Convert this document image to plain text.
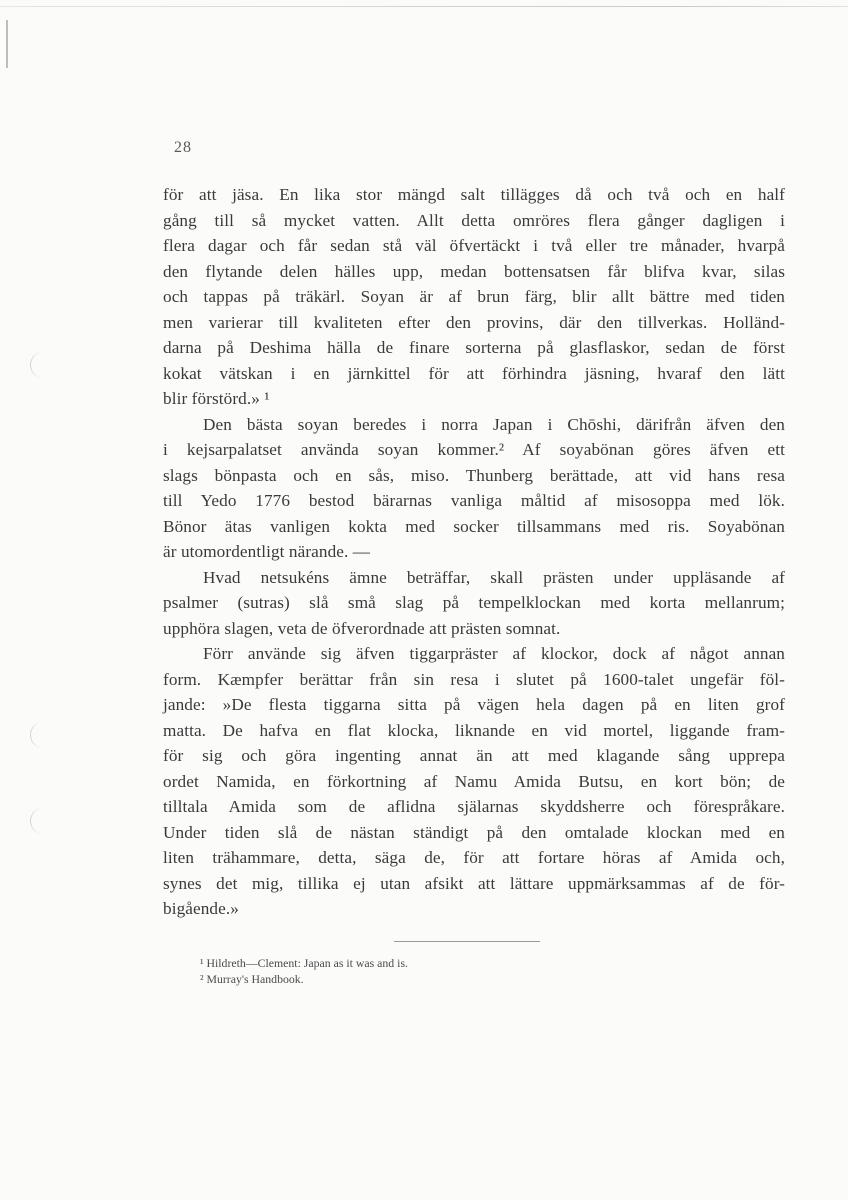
28
för att jäsa. En lika stor mängd salt tillägges då och två och en half
gång till så mycket vatten. Allt detta omröres flera gånger dagligen i
flera dagar och får sedan stå väl öfvertäckt i två eller tre månader, hvarpå
den flytande delen hälles upp, medan bottensatsen får blifva kvar, silas
och tappas på träkärl. Soyan är af brun färg, blir allt bättre med tiden
men varierar till kvaliteten efter den provins, där den tillverkas. Holländ-
darna på Deshima hälla de finare sorterna på glasflaskor, sedan de först
kokat vätskan i en järnkittel för att förhindra jäsning, hvaraf den lätt
blir förstörd.» ¹
Den bästa soyan beredes i norra Japan i Chōshi, därifrån äfven den
i kejsarpalatset använda soyan kommer.² Af soyabönan göres äfven ett
slags bönpasta och en sås, miso. Thunberg berättade, att vid hans resa
till Yedo 1776 bestod bärarnas vanliga måltid af misosoppa med lök.
Bönor ätas vanligen kokta med socker tillsammans med ris. Soyabönan
är utomordentligt närande. —
Hvad netsukéns ämne beträffar, skall prästen under uppläsande af
psalmer (sutras) slå små slag på tempelklockan med korta mellanrum;
upphöra slagen, veta de öfverordnade att prästen somnat.
Förr använde sig äfven tiggarpräster af klockor, dock af något annan
form. Kæmpfer berättar från sin resa i slutet på 1600-talet ungefär föl-
jande: »De flesta tiggarna sitta på vägen hela dagen på en liten grof
matta. De hafva en flat klocka, liknande en vid mortel, liggande fram-
för sig och göra ingenting annat än att med klagande sång upprepa
ordet Namida, en förkortning af Namu Amida Butsu, en kort bön; de
tilltala Amida som de aflidna själarnas skyddsherre och förespråkare.
Under tiden slå de nästan ständigt på den omtalade klockan med en
liten trähammare, detta, säga de, för att fortare höras af Amida och,
synes det mig, tillika ej utan afsikt att lättare uppmärksammas af de för-
bigående.»
¹ Hildreth—Clement: Japan as it was and is.
² Murray's Handbook.
